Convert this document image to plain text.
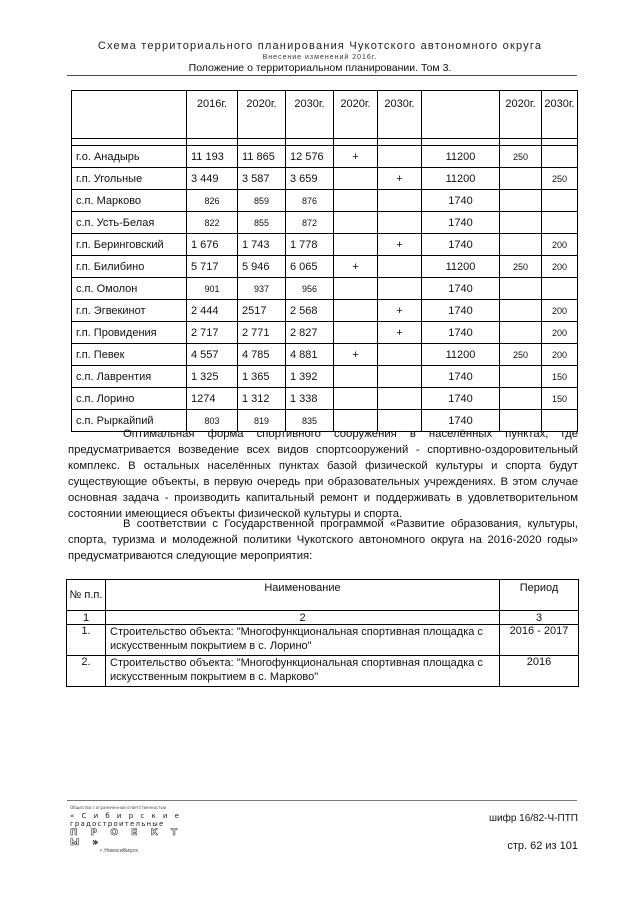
Схема территориального планирования Чукотского автономного округа
Внесение изменений 2016г.
Положение о территориальном планировании. Том 3.
	2016г.	2020г.	2030г.	2020г.	2030г.		2020г.	2030г.

г.о. Анадырь	11 193	11 865	12 576	+		11200	250	
г.п. Угольные	3 449	3 587	3 659		+	11200		250
с.п. Марково	826	859	876			1740		
с.п. Усть-Белая	822	855	872			1740		
г.п. Беринговский	1 676	1 743	1 778		+	1740		200
г.п. Билибино	5 717	5 946	6 065	+		11200	250	200
с.п. Омолон	901	937	956			1740		
г.п. Эгвекинот	2 444	2517	2 568		+	1740		200
г.п. Провидения	2 717	2 771	2 827		+	1740		200
г.п. Певек	4 557	4 785	4 881	+		11200	250	200
с.п. Лаврентия	1 325	1 365	1 392			1740		150
с.п. Лорино	1274	1 312	1 338			1740		150
с.п. Рыркайпий	803	819	835			1740		
Оптимальная форма спортивного сооружения в населённых пунктах, где предусматривается возведение всех видов спортсооружений - спортивно-оздоровительный комплекс. В остальных населённых пунктах базой физической культуры и спорта будут существующие объекты, в первую очередь при образовательных учреждениях. В этом случае основная задача - производить капитальный ремонт и поддерживать в удовлетворительном состоянии имеющиеся объекты физической культуры и спорта.
В соответствии с Государственной программой «Развитие образования, культуры, спорта, туризма и молодежной политики Чукотского автономного округа на 2016-2020 годы» предусматриваются следующие мероприятия:
№ п.п.	Наименование	Период
1	2	3
1.	Строительство объекта: "Многофункциональная спортивная площадка с искусственным покрытием в с. Лорино"	2016 - 2017
2.	Строительство объекта: "Многофункциональная спортивная площадка с искусственным покрытием в с. Марково"	2016
Общество с ограниченной ответственностью
« С и б и р с к и е
градостроительные
П Р О Е К Т Ы »
г.Новосибирск
шифр 16/82-Ч-ПТП
стр. 62 из 101
